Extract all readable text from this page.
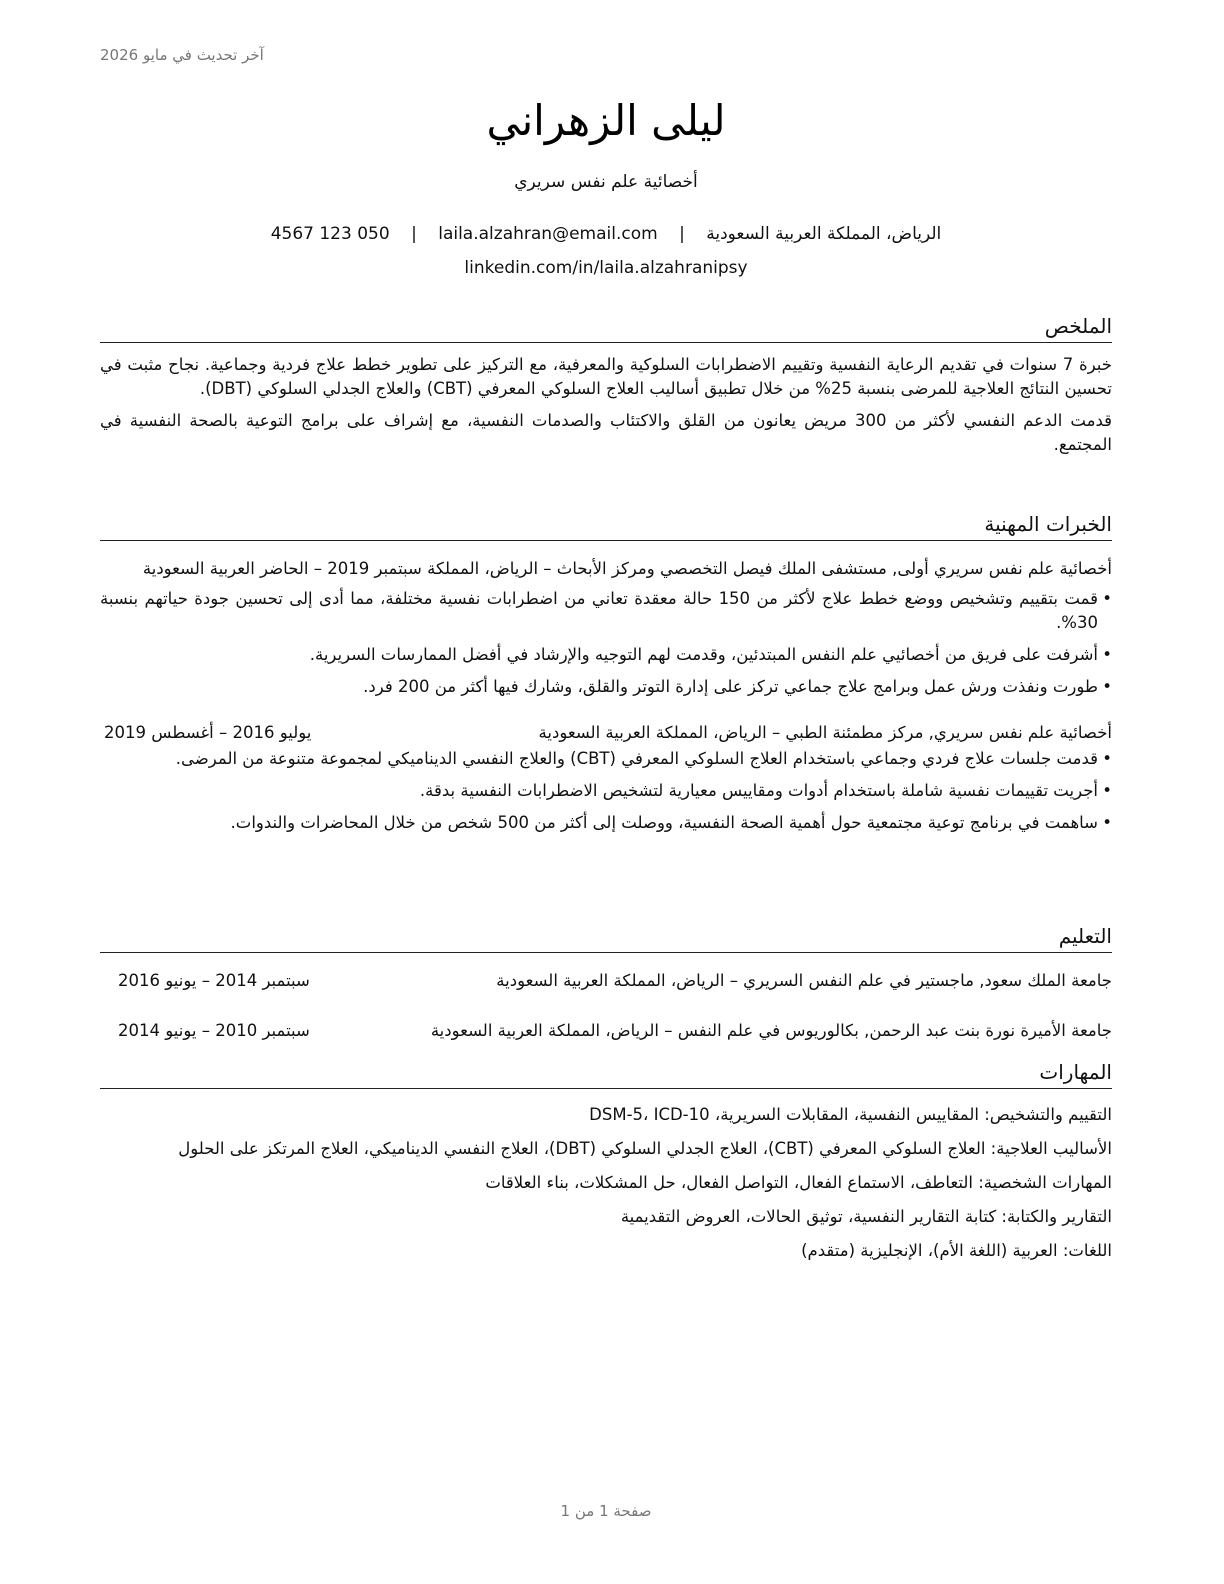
آخر تحديث في مايو 2026
ليلى الزهراني
أخصائية علم نفس سريري
الرياض، المملكة العربية السعودية | laila.alzahran@email.com | 4567 123 050
linkedin.com/in/laila.alzahranipsy
الملخص

خبرة 7 سنوات في تقديم الرعاية النفسية وتقييم الاضطرابات السلوكية والمعرفية، مع التركيز على تطوير خطط علاج فردية وجماعية. نجاح مثبت في تحسين النتائج العلاجية للمرضى بنسبة 25% من خلال تطبيق أساليب العلاج السلوكي المعرفي (CBT) والعلاج الجدلي السلوكي (DBT).

قدمت الدعم النفسي لأكثر من 300 مريض يعانون من القلق والاكتئاب والصدمات النفسية، مع إشراف على برامج التوعية بالصحة النفسية في المجتمع.

الخبرات المهنية
أخصائية علم نفس سريري أولى, مستشفى الملك فيصل التخصصي ومركز الأبحاث – الرياض، المملكة سبتمبر 2019 – الحاضر العربية السعودية
• قمت بتقييم وتشخيص ووضع خطط علاج لأكثر من 150 حالة معقدة تعاني من اضطرابات نفسية مختلفة، مما أدى إلى تحسين جودة حياتهم بنسبة 30%.
• أشرفت على فريق من أخصائيي علم النفس المبتدئين، وقدمت لهم التوجيه والإرشاد في أفضل الممارسات السريرية.
• طورت ونفذت ورش عمل وبرامج علاج جماعي تركز على إدارة التوتر والقلق، وشارك فيها أكثر من 200 فرد.
أخصائية علم نفس سريري, مركز مطمئنة الطبي – الرياض، المملكة العربية السعودية
يوليو 2016 – أغسطس 2019
• قدمت جلسات علاج فردي وجماعي باستخدام العلاج السلوكي المعرفي (CBT) والعلاج النفسي الديناميكي لمجموعة متنوعة من المرضى.
• أجريت تقييمات نفسية شاملة باستخدام أدوات ومقاييس معيارية لتشخيص الاضطرابات النفسية بدقة.
• ساهمت في برنامج توعية مجتمعية حول أهمية الصحة النفسية، ووصلت إلى أكثر من 500 شخص من خلال المحاضرات والندوات.
التعليم
جامعة الملك سعود, ماجستير في علم النفس السريري – الرياض، المملكة العربية السعودية
سبتمبر 2014 – يونيو 2016
جامعة الأميرة نورة بنت عبد الرحمن, بكالوريوس في علم النفس – الرياض، المملكة العربية السعودية
سبتمبر 2010 – يونيو 2014
المهارات
التقييم والتشخيص: المقاييس النفسية، المقابلات السريرية، DSM-5، ICD-10
الأساليب العلاجية: العلاج السلوكي المعرفي (CBT)، العلاج الجدلي السلوكي (DBT)، العلاج النفسي الديناميكي، العلاج المرتكز على الحلول
المهارات الشخصية: التعاطف، الاستماع الفعال، التواصل الفعال، حل المشكلات، بناء العلاقات
التقارير والكتابة: كتابة التقارير النفسية، توثيق الحالات، العروض التقديمية
اللغات: العربية (اللغة الأم)، الإنجليزية (متقدم)
صفحة 1 من 1
